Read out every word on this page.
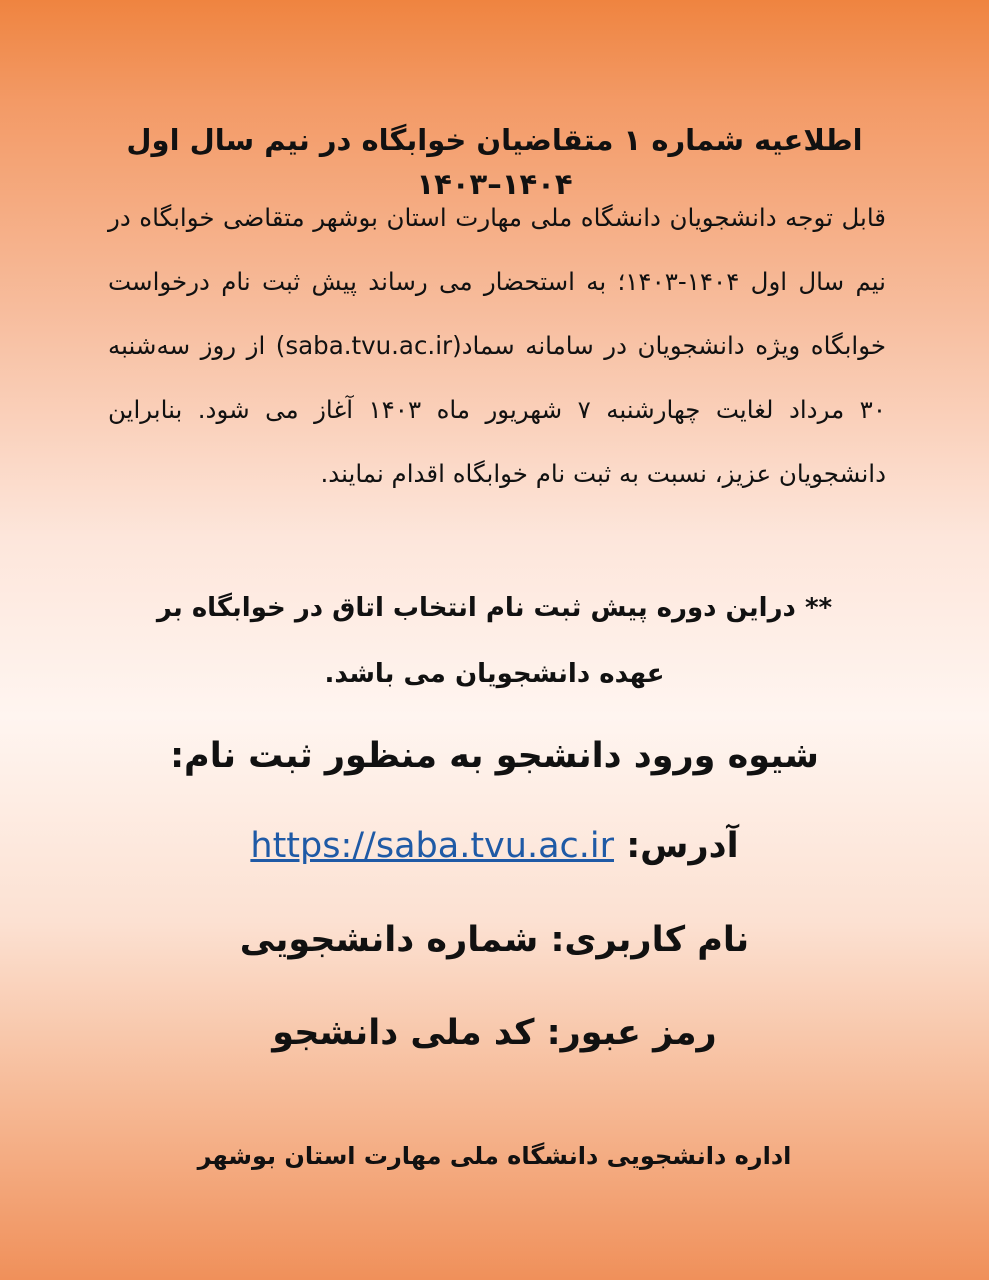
اطلاعیه شماره ۱ متقاضیان خوابگاه در نیم سال اول ۱۴۰۴–۱۴۰۳

قابل توجه دانشجویان دانشگاه ملی مهارت استان بوشهر متقاضی خوابگاه در نیم سال اول ۱۴۰۴-۱۴۰۳؛ به استحضار می رساند پیش ثبت نام درخواست خوابگاه ویژه دانشجویان در سامانه سماد(saba.tvu.ac.ir) از روز سه‌شنبه ۳۰ مرداد لغایت چهارشنبه ۷ شهریور ماه ۱۴۰۳ آغاز می شود. بنابراین دانشجویان عزیز، نسبت به ثبت نام خوابگاه اقدام نمایند.

** دراین دوره پیش ثبت نام انتخاب اتاق در خوابگاه بر عهده دانشجویان می باشد.

شیوه ورود دانشجو به منظور ثبت نام:

آدرس: https://saba.tvu.ac.ir

نام کاربری: شماره دانشجویی

رمز عبور: کد ملی دانشجو

اداره دانشجویی دانشگاه ملی مهارت استان بوشهر
